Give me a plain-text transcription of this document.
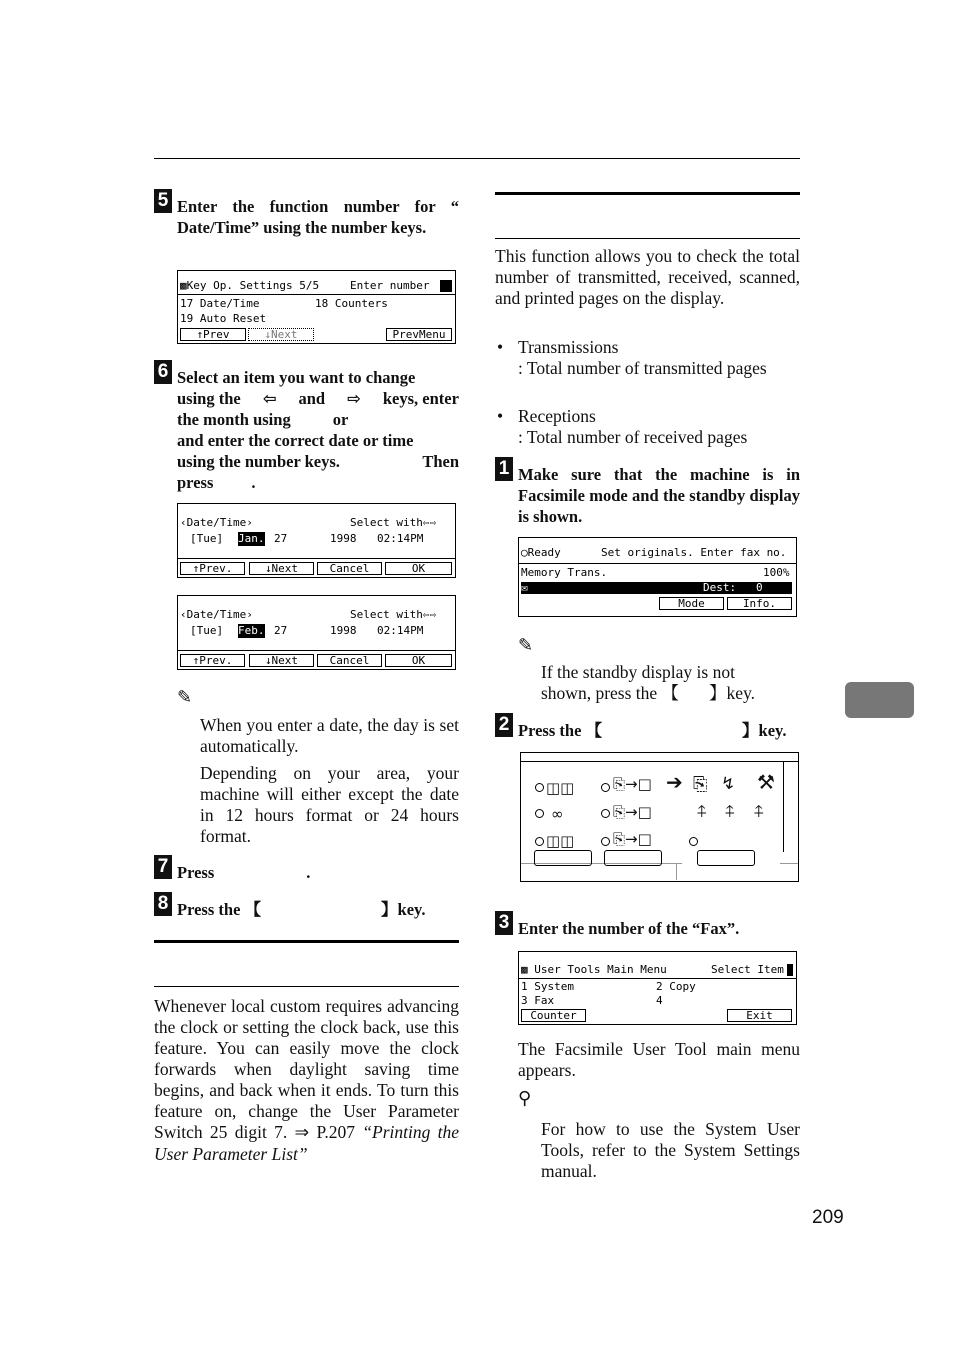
5 Enter the function number for “ Date/Time” using the number keys.
▩Key Op. Settings 5/5	Enter number
17 Date/Time	18 Counters
19 Auto Reset
↑Prev	↓Next	PrevMenu
6 Select an item you want to change
using the ⇦ and ⇨ keys, enter
the month using	or
and enter the correct date or time
using the number keys.	Then
press .
‹Date/Time›	Select with⇦⇨
[Tue] Jan. 27	1998 02:14PM
↑Prev.	↓Next	Cancel	OK
‹Date/Time›	Select with⇦⇨
[Tue] Feb. 27	1998 02:14PM
↑Prev.	↓Next	Cancel	OK
✎
When you enter a date, the day is set automatically.
Depending on your area, your machine will either except the date in 12 hours format or 24 hours format.
7 Press	.
8 Press the 【	】key.
Whenever local custom requires advancing the clock or setting the clock back, use this feature. You can easily move the clock forwards when daylight saving time begins, and back when it ends. To turn this feature on, change the User Parameter Switch 25 digit 7. ⇒ P.207 “Printing the User Parameter List”
This function allows you to check the total number of transmitted, received, scanned, and printed pages on the display.
• Transmissions
: Total number of transmitted pages
• Receptions
: Total number of received pages
1 Make sure that the machine is in Facsimile mode and the standby display is shown.
◯Ready	Set originals. Enter fax no.
Memory Trans.	100%
✉	Dest:   0
Mode	Info.
✎
If the standby display is not
shown, press the 【 】key.
2 Press the 【	】key.
◫◫
∞
◫◫
⎘→□
⎘→□
⎘→□
➔ ⎘ ↯ ⚒
⍏ ⍏ ⍏
3 Enter the number of the “Fax”.
▩ User Tools Main Menu	Select Item
1 System	2 Copy
3 Fax	4
Counter	Exit
The Facsimile User Tool main menu appears.
⚲
For how to use the System User Tools, refer to the System Settings manual.
209
